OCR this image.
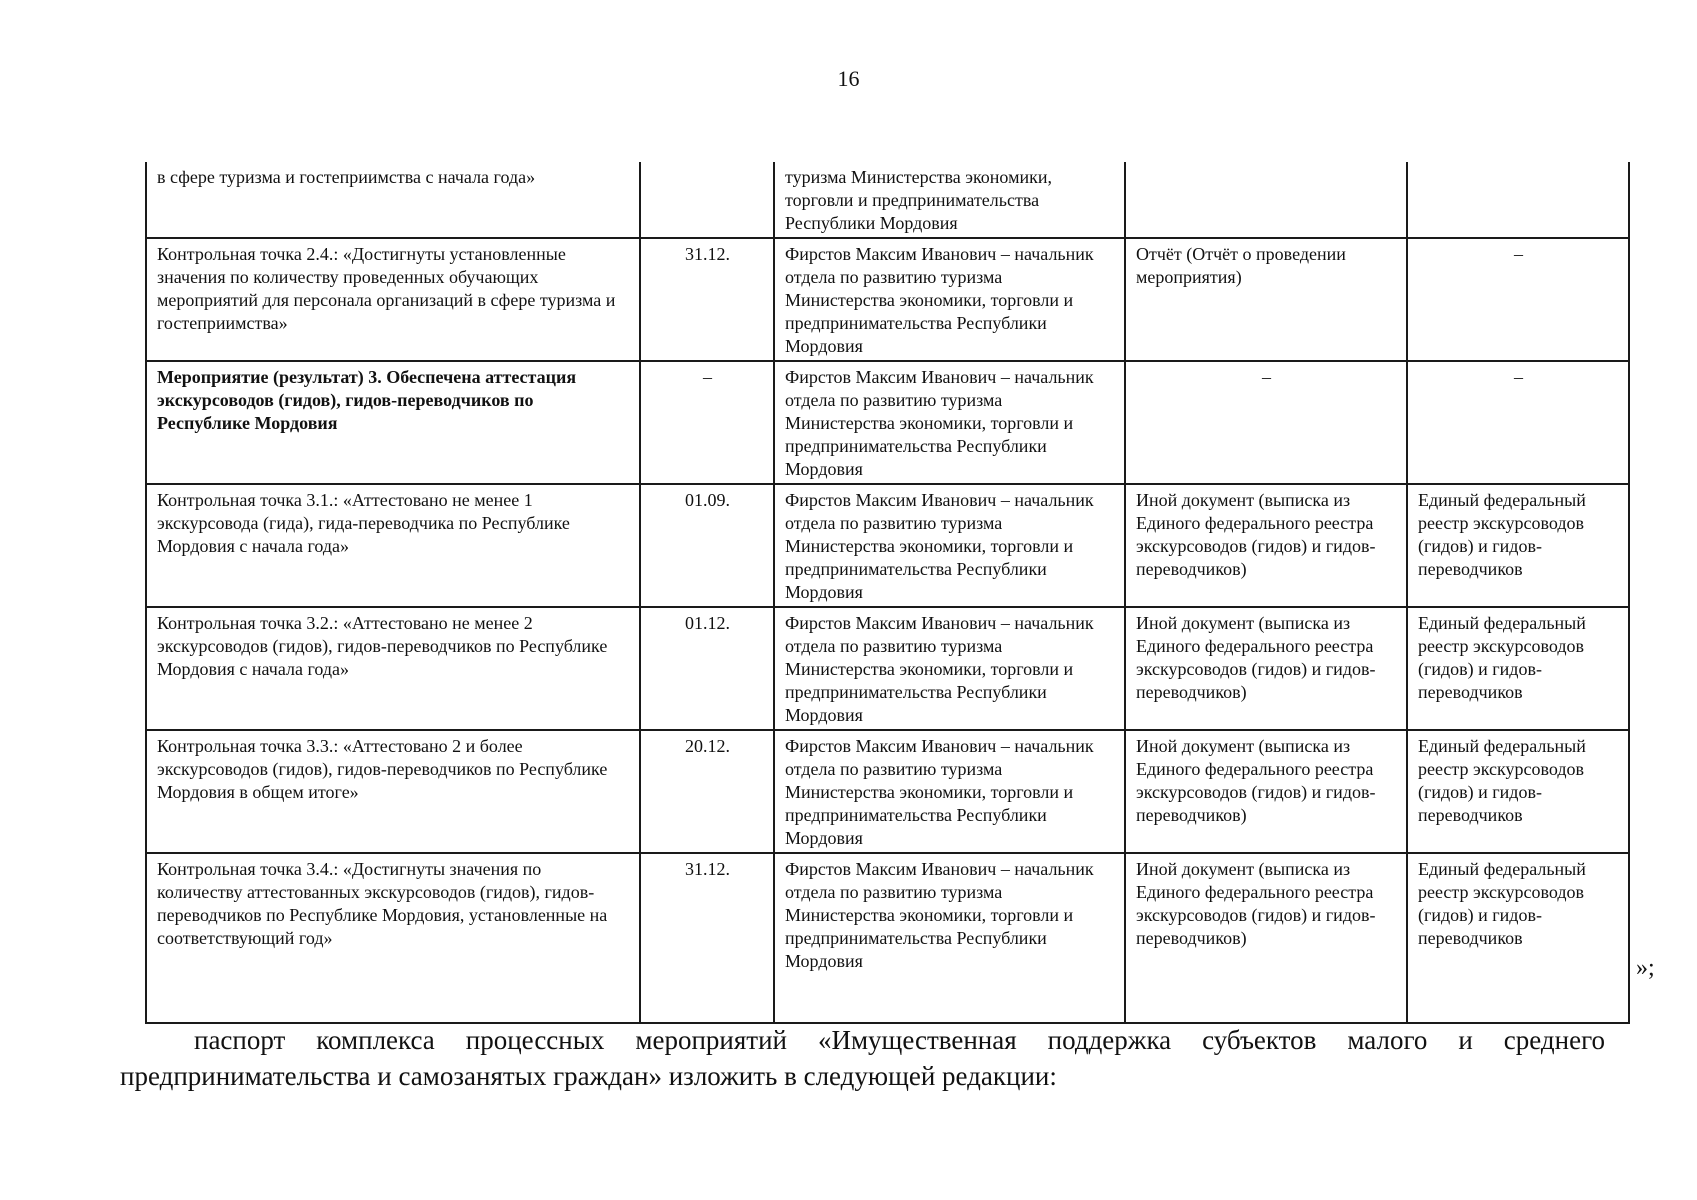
16
в сфере туризма и гостеприимства с начала года»		туризма Министерства экономики, торговли и предпринимательства Республики Мордовия		

Контрольная точка 2.4.: «Достигнуты установленные значения по количеству проведенных обучающих мероприятий для персонала организаций в сфере туризма и гостеприимства»	31.12.	Фирстов Максим Иванович – начальник отдела по развитию туризма Министерства экономики, торговли и предпринимательства Республики Мордовия	Отчёт (Отчёт о проведении мероприятия)	–

Мероприятие (результат) 3. Обеспечена аттестация экскурсоводов (гидов), гидов-переводчиков по Республике Мордовия	–	Фирстов Максим Иванович – начальник отдела по развитию туризма Министерства экономики, торговли и предпринимательства Республики Мордовия	–	–

Контрольная точка 3.1.: «Аттестовано не менее 1 экскурсовода (гида), гида-переводчика по Республике Мордовия с начала года»	01.09.	Фирстов Максим Иванович – начальник отдела по развитию туризма Министерства экономики, торговли и предпринимательства Республики Мордовия	Иной документ (выписка из Единого федерального реестра экскурсоводов (гидов) и гидов-переводчиков)	Единый федеральный реестр экскурсоводов (гидов) и гидов-переводчиков

Контрольная точка 3.2.: «Аттестовано не менее 2 экскурсоводов (гидов), гидов-переводчиков по Республике Мордовия с начала года»	01.12.	Фирстов Максим Иванович – начальник отдела по развитию туризма Министерства экономики, торговли и предпринимательства Республики Мордовия	Иной документ (выписка из Единого федерального реестра экскурсоводов (гидов) и гидов-переводчиков)	Единый федеральный реестр экскурсоводов (гидов) и гидов-переводчиков

Контрольная точка 3.3.: «Аттестовано 2 и более экскурсоводов (гидов), гидов-переводчиков по Республике Мордовия в общем итоге»	20.12.	Фирстов Максим Иванович – начальник отдела по развитию туризма Министерства экономики, торговли и предпринимательства Республики Мордовия	Иной документ (выписка из Единого федерального реестра экскурсоводов (гидов) и гидов-переводчиков)	Единый федеральный реестр экскурсоводов (гидов) и гидов-переводчиков

Контрольная точка 3.4.: «Достигнуты значения по количеству аттестованных экскурсоводов (гидов), гидов-переводчиков по Республике Мордовия, установленные на соответствующий год»	31.12.	Фирстов Максим Иванович – начальник отдела по развитию туризма Министерства экономики, торговли и предпринимательства Республики Мордовия	Иной документ (выписка из Единого федерального реестра экскурсоводов (гидов) и гидов-переводчиков)	Единый федеральный реестр экскурсоводов (гидов) и гидов-переводчиков
»;
паспорт комплекса процессных мероприятий «Имущественная поддержка субъектов малого и среднего предпринимательства и самозанятых граждан» изложить в следующей редакции:
